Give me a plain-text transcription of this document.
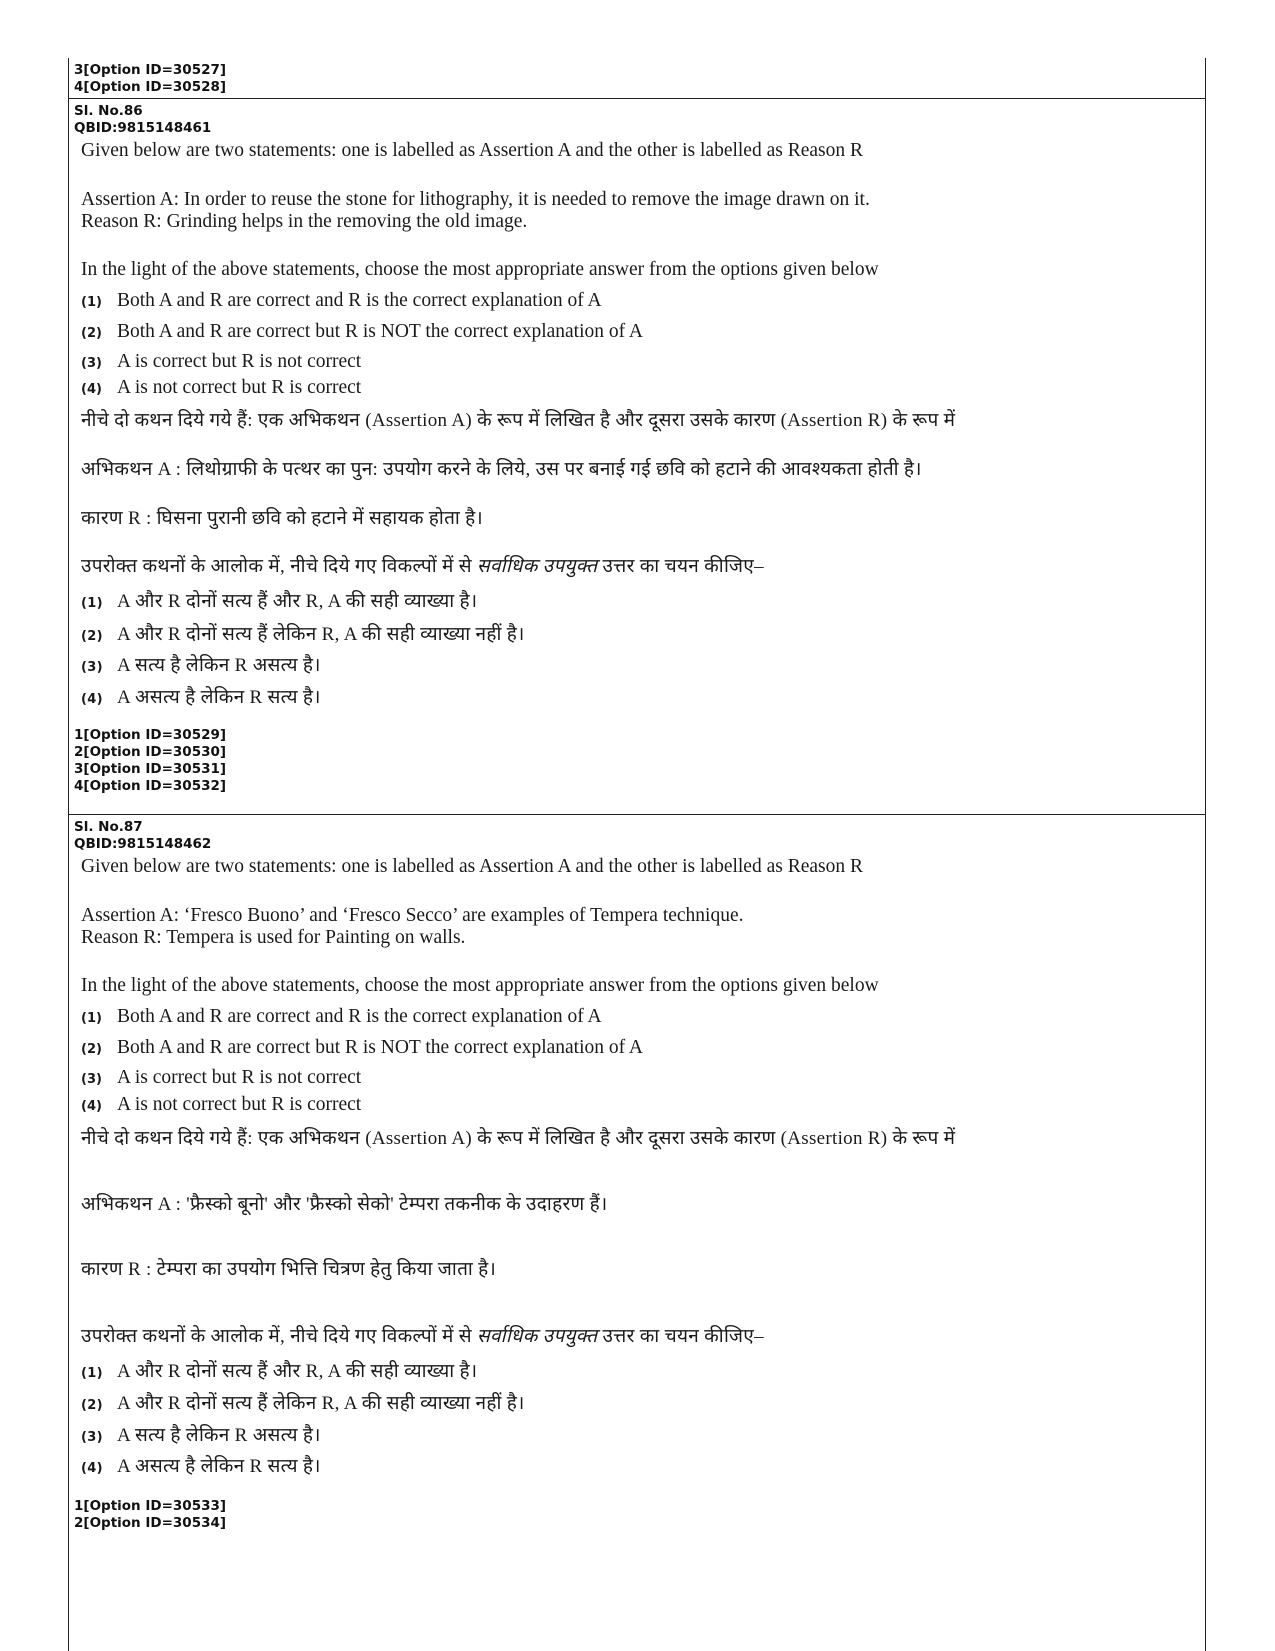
3[Option ID=30527]
4[Option ID=30528]
Sl. No.86
QBID:9815148461
Given below are two statements: one is labelled as Assertion A and the other is labelled as Reason R
Assertion A: In order to reuse the stone for lithography, it is needed to remove the image drawn on it.
Reason R: Grinding helps in the removing the old image.
In the light of the above statements, choose the most appropriate answer from the options given below
(1) Both A and R are correct and R is the correct explanation of A
(2) Both A and R are correct but R is NOT the correct explanation of A
(3) A is correct but R is not correct
(4) A is not correct but R is correct
नीचे दो कथन दिये गये हैं: एक अभिकथन (Assertion A) के रूप में लिखित है और दूसरा उसके कारण (Assertion R) के रूप में
अभिकथन A : लिथोग्राफी के पत्थर का पुन: उपयोग करने के लिये, उस पर बनाई गई छवि को हटाने की आवश्यकता होती है।
कारण R : घिसना पुरानी छवि को हटाने में सहायक होता है।
उपरोक्त कथनों के आलोक में, नीचे दिये गए विकल्पों में से सर्वाधिक उपयुक्त उत्तर का चयन कीजिए–
(1) A और R दोनों सत्य हैं और R, A की सही व्याख्या है।
(2) A और R दोनों सत्य हैं लेकिन R, A की सही व्याख्या नहीं है।
(3) A सत्य है लेकिन R असत्य है।
(4) A असत्य है लेकिन R सत्य है।
1[Option ID=30529]
2[Option ID=30530]
3[Option ID=30531]
4[Option ID=30532]
Sl. No.87
QBID:9815148462
Given below are two statements: one is labelled as Assertion A and the other is labelled as Reason R
Assertion A: ‘Fresco Buono’ and ‘Fresco Secco’ are examples of Tempera technique.
Reason R: Tempera is used for Painting on walls.
In the light of the above statements, choose the most appropriate answer from the options given below
(1) Both A and R are correct and R is the correct explanation of A
(2) Both A and R are correct but R is NOT the correct explanation of A
(3) A is correct but R is not correct
(4) A is not correct but R is correct
नीचे दो कथन दिये गये हैं: एक अभिकथन (Assertion A) के रूप में लिखित है और दूसरा उसके कारण (Assertion R) के रूप में
अभिकथन A : 'फ्रैस्को बूनो' और 'फ्रैस्को सेको' टेम्परा तकनीक के उदाहरण हैं।
कारण R : टेम्परा का उपयोग भित्ति चित्रण हेतु किया जाता है।
उपरोक्त कथनों के आलोक में, नीचे दिये गए विकल्पों में से सर्वाधिक उपयुक्त उत्तर का चयन कीजिए–
(1) A और R दोनों सत्य हैं और R, A की सही व्याख्या है।
(2) A और R दोनों सत्य हैं लेकिन R, A की सही व्याख्या नहीं है।
(3) A सत्य है लेकिन R असत्य है।
(4) A असत्य है लेकिन R सत्य है।
1[Option ID=30533]
2[Option ID=30534]
